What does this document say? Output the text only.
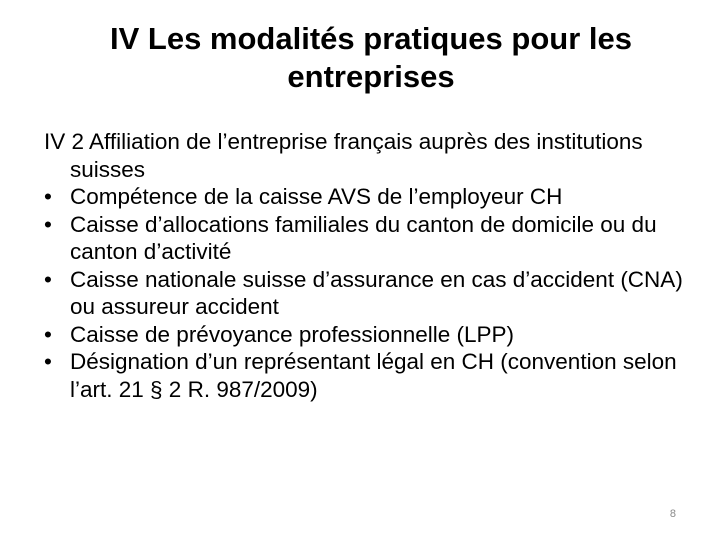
IV Les modalités pratiques pour les
entreprises

IV 2 Affiliation de l’entreprise français auprès des institutions suisses

• Compétence de la caisse AVS de l’employeur CH
• Caisse d’allocations familiales du canton de domicile ou du canton d’activité
• Caisse nationale suisse d’assurance en cas d’accident (CNA) ou assureur accident
• Caisse de prévoyance professionnelle (LPP)
• Désignation d’un représentant légal en CH (convention selon l’art. 21 § 2 R. 987/2009)
8
